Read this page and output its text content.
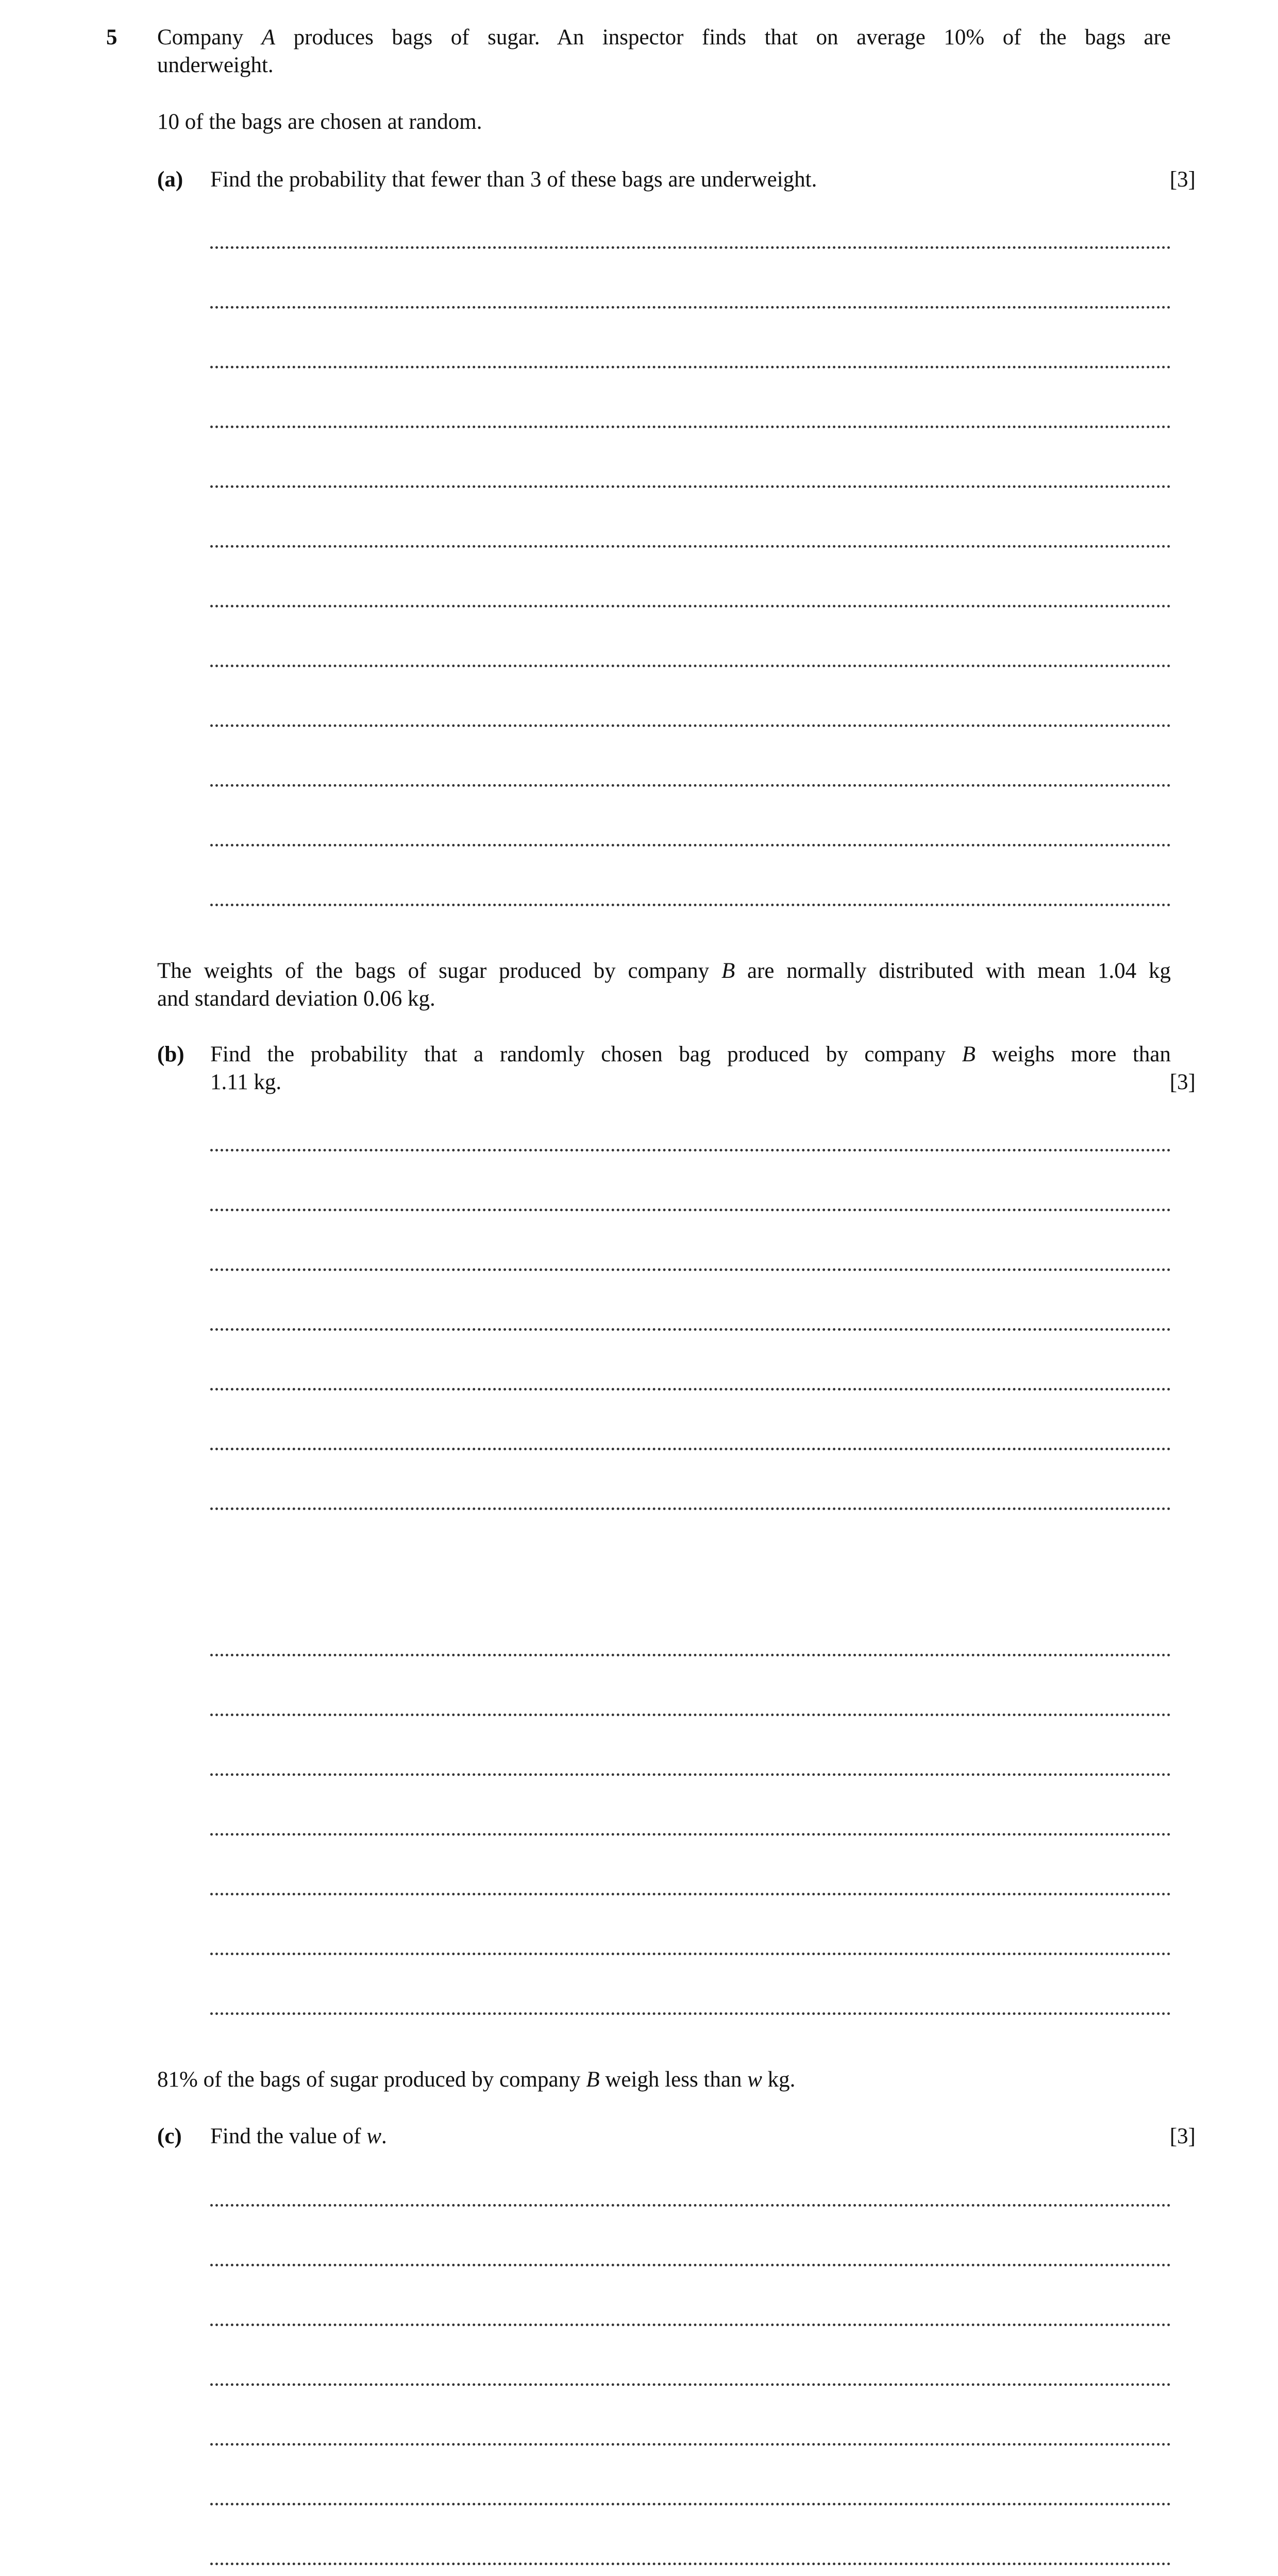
5 Company A produces bags of sugar. An inspector finds that on average 10% of the bags are
underweight.
10 of the bags are chosen at random.
(a) Find the probability that fewer than 3 of these bags are underweight.	[3]
The weights of the bags of sugar produced by company B are normally distributed with mean 1.04 kg
and standard deviation 0.06 kg.
(b) Find the probability that a randomly chosen bag produced by company B weighs more than
1.11 kg.	[3]
81% of the bags of sugar produced by company B weigh less than w kg.
(c) Find the value of w.	[3]
